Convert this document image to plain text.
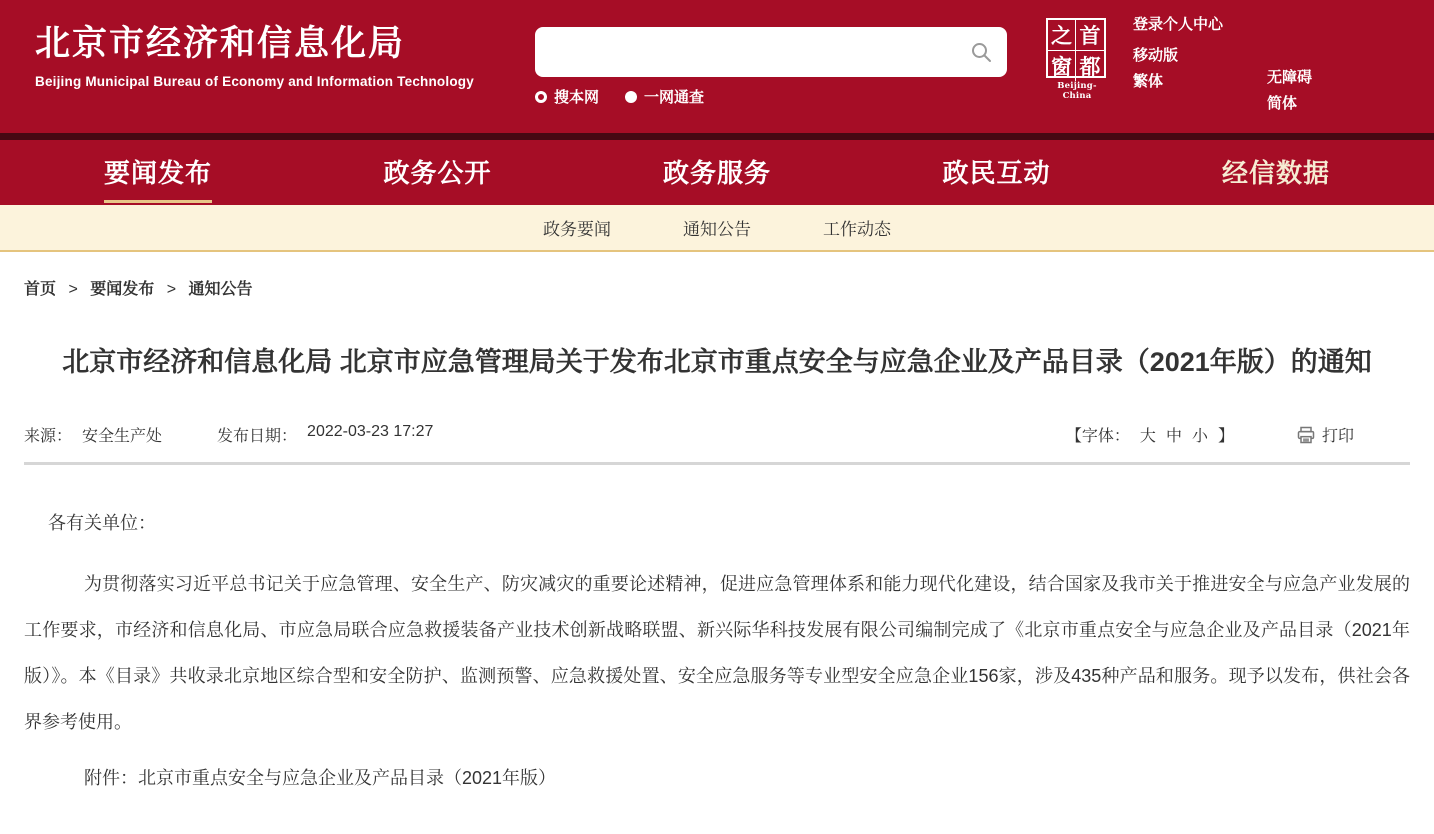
北京市经济和信息化局
Beijing Municipal Bureau of Economy and Information Technology
搜本网	一网通查
之 首
窗 都
Beijing-China
登录个人中心
移动版
繁体	无障碍
简体
要闻发布	政务公开	政务服务	政民互动	经信数据
政务要闻	通知公告	工作动态
首页 > 要闻发布 > 通知公告
北京市经济和信息化局 北京市应急管理局关于发布北京市重点安全与应急企业及产品目录（2021年版）的通知
来源： 安全生产处	发布日期： 2022-03-23 17:27	【字体： 大 中 小 】	打印

各有关单位：

为贯彻落实习近平总书记关于应急管理、安全生产、防灾减灾的重要论述精神，促进应急管理体系和能力现代化建设，结合国家及我市关于推进安全与应急产业发展的工作要求，市经济和信息化局、市应急局联合应急救援装备产业技术创新战略联盟、新兴际华科技发展有限公司编制完成了《北京市重点安全与应急企业及产品目录（2021年版）》。本《目录》共收录北京地区综合型和安全防护、监测预警、应急救援处置、安全应急服务等专业型安全应急企业156家，涉及435种产品和服务。现予以发布，供社会各界参考使用。

附件：北京市重点安全与应急企业及产品目录（2021年版）
